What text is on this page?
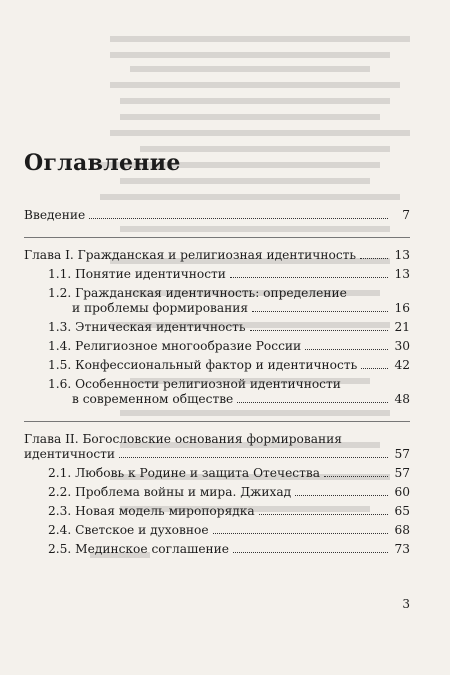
Оглавление
Введение	7
Глава I. Гражданская и религиозная идентичность	13
1.1. Понятие идентичности	13
1.2. Гражданская идентичность: определение
и проблемы формирования	16
1.3. Этническая идентичность	21
1.4. Религиозное многообразие России	30
1.5. Конфессиональный фактор и идентичность	42
1.6. Особенности религиозной идентичности
в современном обществе	48
Глава II. Богословские основания формирования
идентичности	57
2.1. Любовь к Родине и защита Отечества	57
2.2. Проблема войны и мира. Джихад	60
2.3. Новая модель миропорядка	65
2.4. Светское и духовное	68
2.5. Мединское соглашение	73
3
